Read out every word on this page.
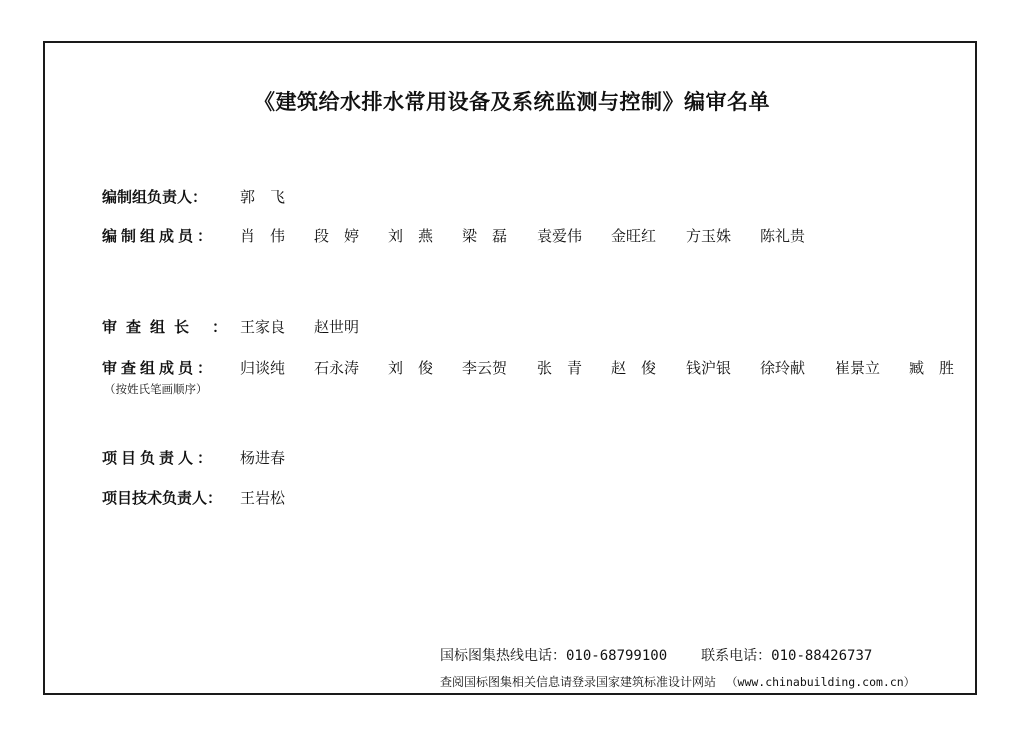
《建筑给水排水常用设备及系统监测与控制》编审名单
编制组负责人： 郭　飞
编制组成员： 肖　伟 段　婷 刘　燕 梁　磊 袁爱伟 金旺红 方玉姝 陈礼贵
审查组长 ： 王家良 赵世明
审查组成员： 归谈纯 石永涛 刘　俊 李云贺 张　青 赵　俊 钱沪银 徐玲献 崔景立 臧　胜
（按姓氏笔画顺序）
项目负责人： 杨进春
项目技术负责人： 王岩松
国标图集热线电话：010-68799100 联系电话：010-88426737
查阅国标图集相关信息请登录国家建筑标准设计网站 （www.chinabuilding.com.cn）
